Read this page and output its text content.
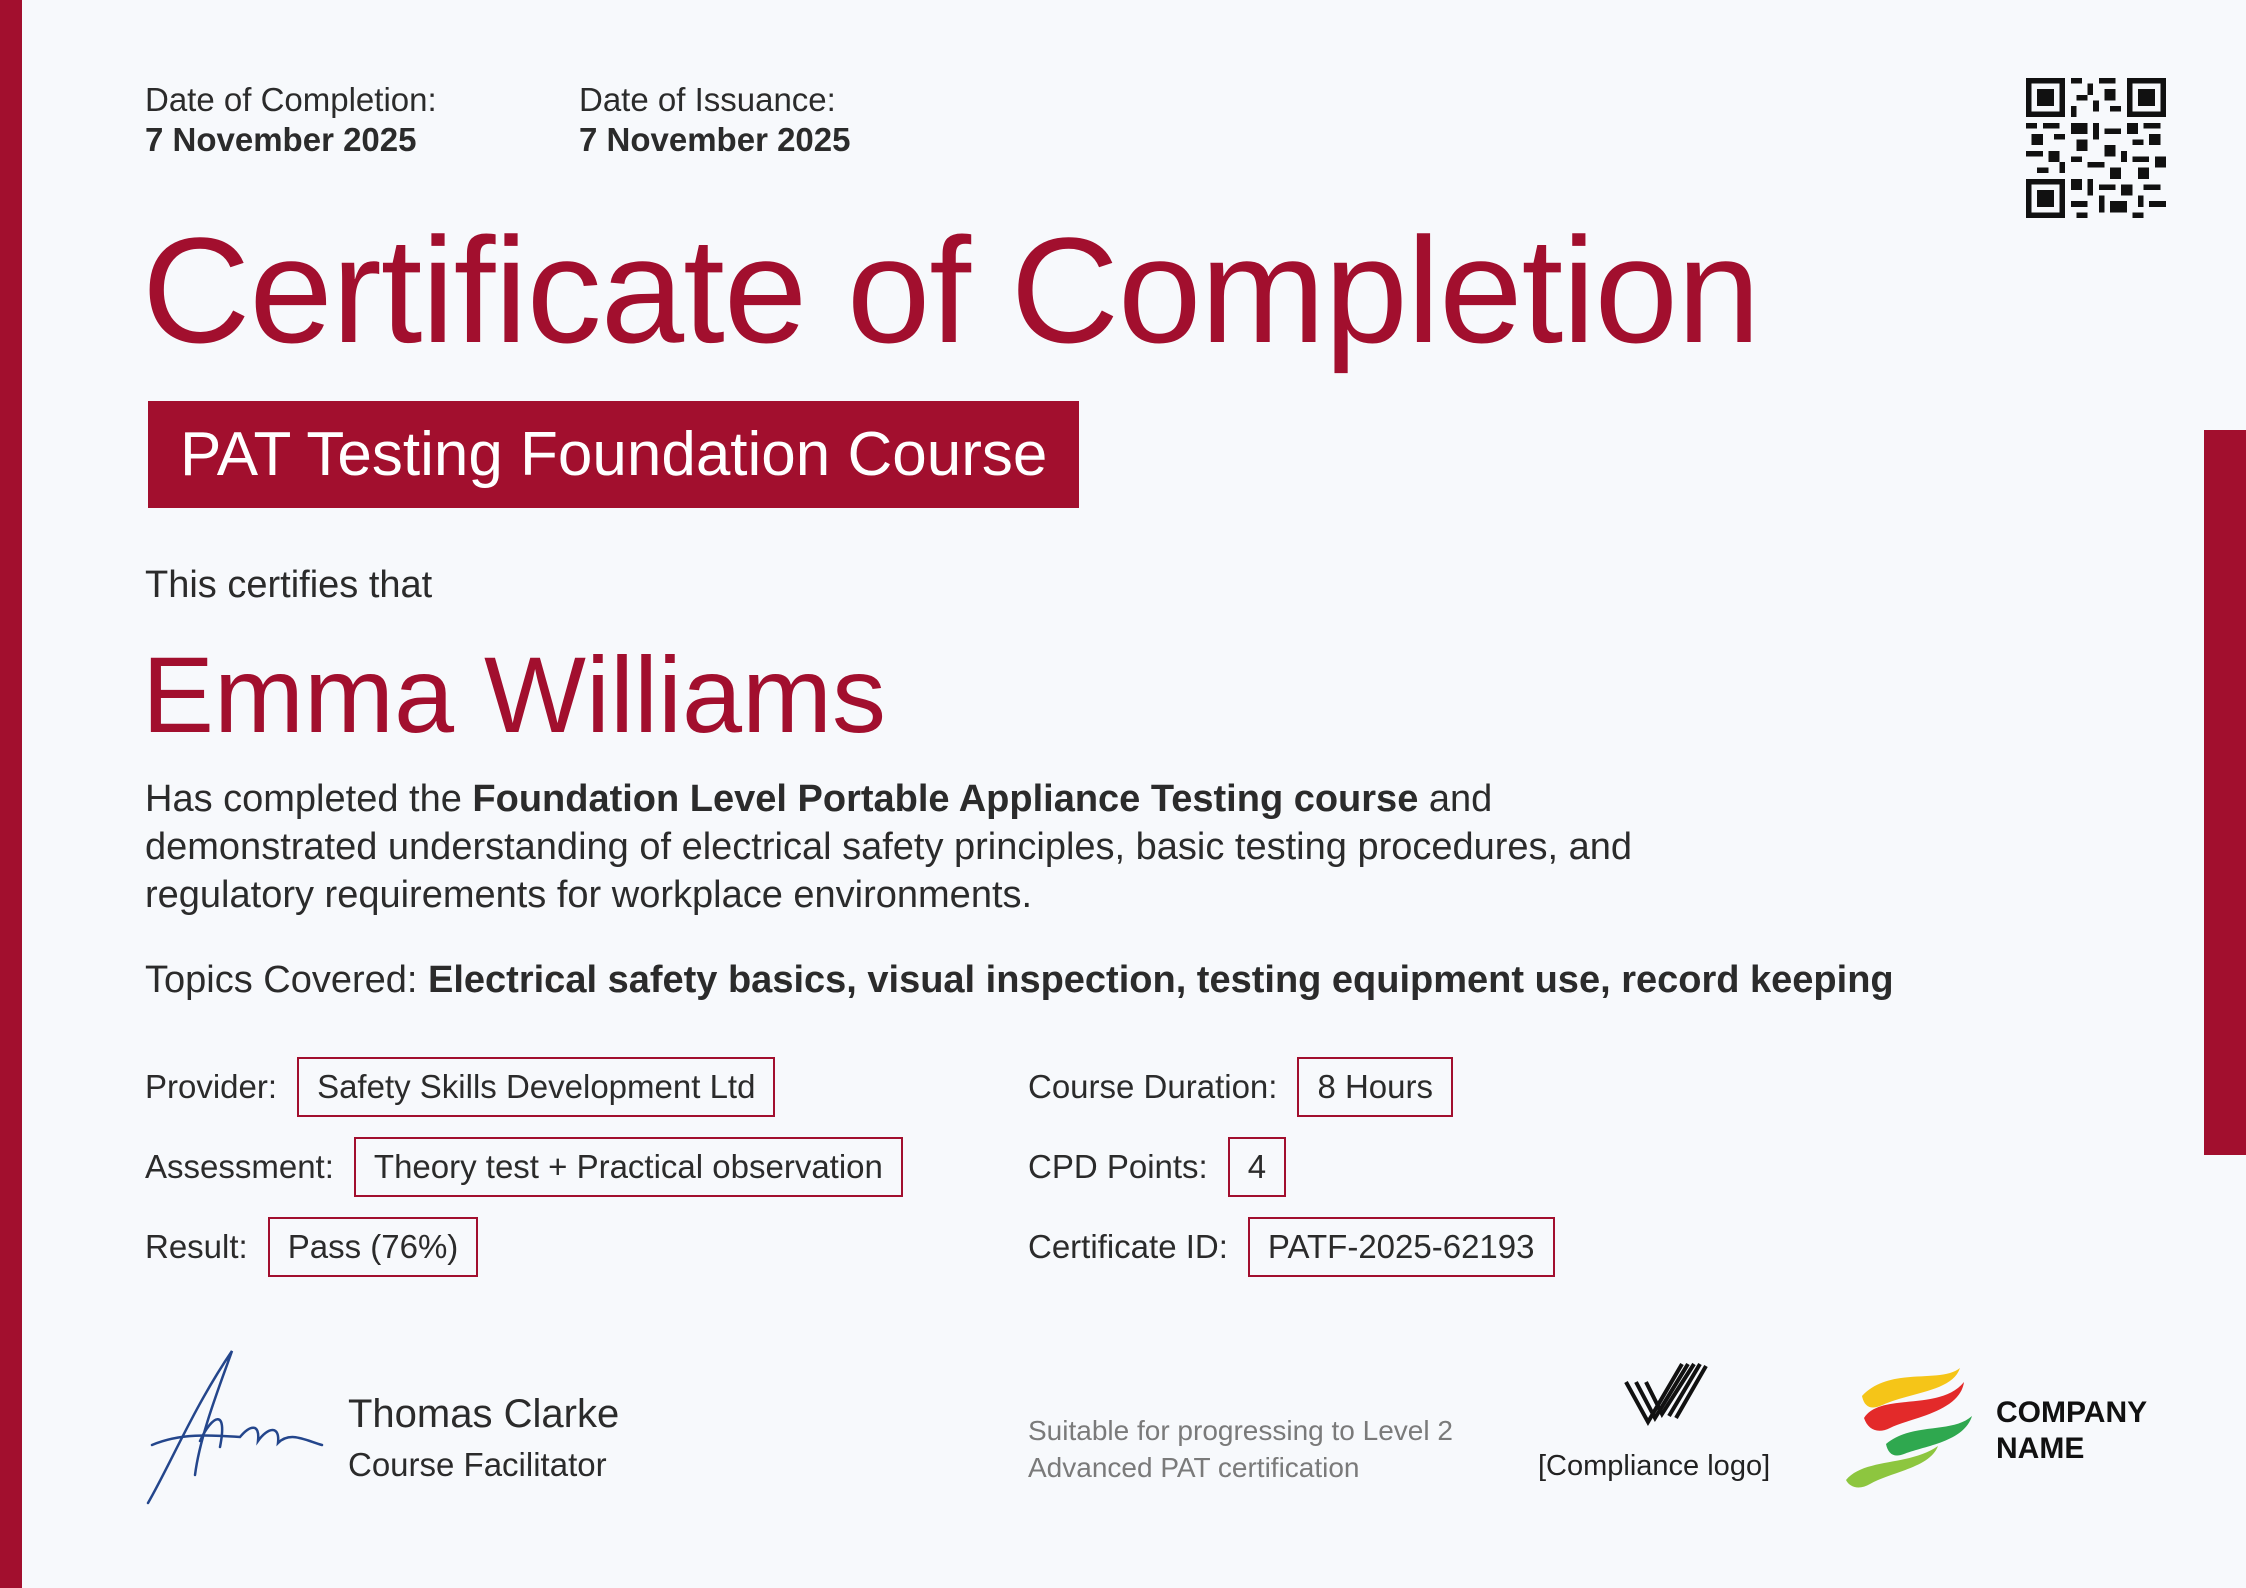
Date of Completion:
7 November 2025
Date of Issuance:
7 November 2025
Certificate of Completion
PAT Testing Foundation Course
This certifies that
Emma Williams
Has completed the Foundation Level Portable Appliance Testing course and demonstrated understanding of electrical safety principles, basic testing procedures, and regulatory requirements for workplace environments.
Topics Covered: Electrical safety basics, visual inspection, testing equipment use, record keeping
Provider:	Safety Skills Development Ltd
Assessment:	Theory test + Practical observation
Result:	Pass (76%)
Course Duration:	8 Hours
CPD Points:	4
Certificate ID:	PATF-2025-62193
Thomas Clarke
Course Facilitator
Suitable for progressing to Level 2 Advanced PAT certification	[Compliance logo]
COMPANY
NAME
